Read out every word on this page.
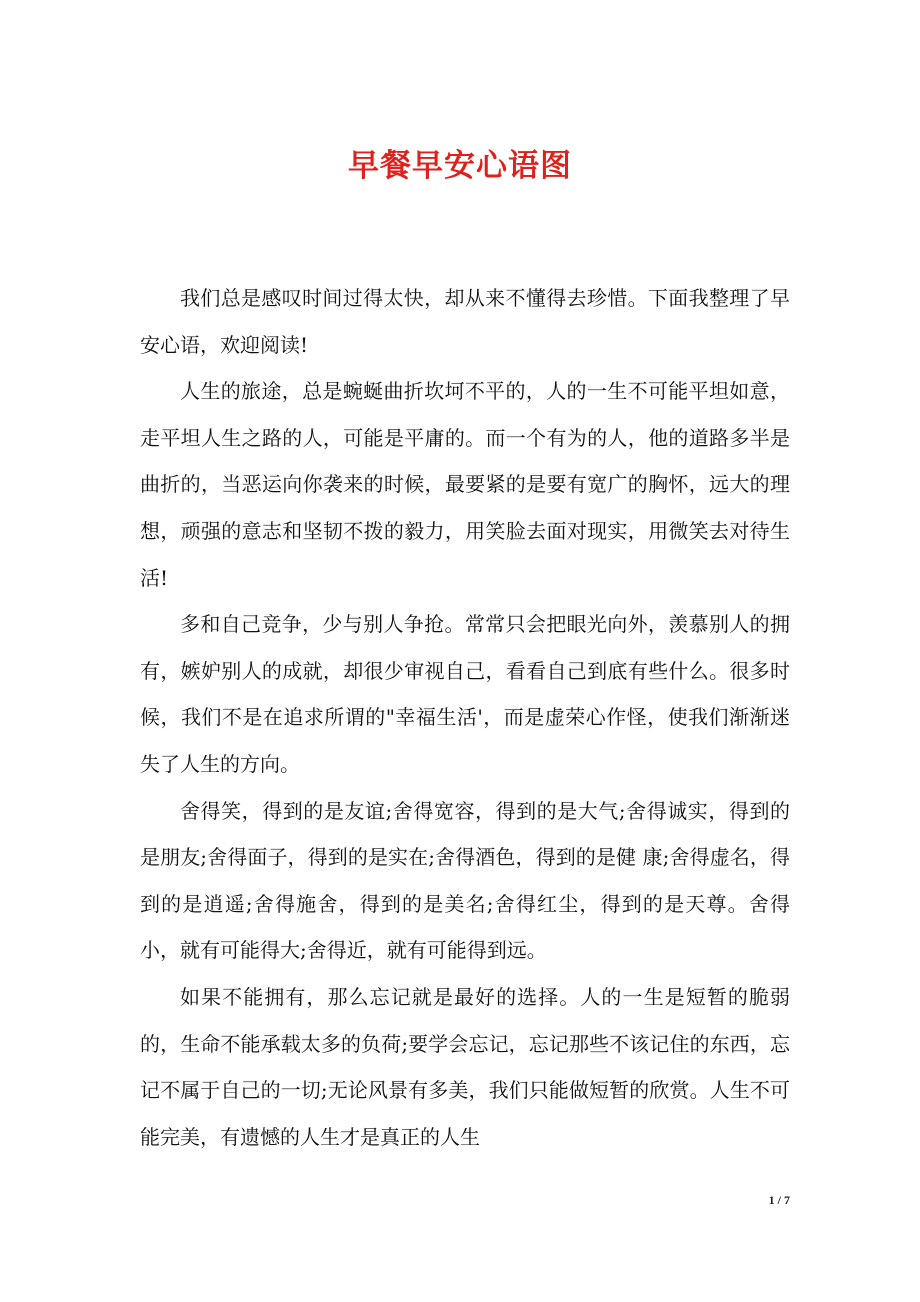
早餐早安心语图

我们总是感叹时间过得太快，却从来不懂得去珍惜。下面我整理了早安心语，欢迎阅读!

人生的旅途，总是蜿蜒曲折坎坷不平的，人的一生不可能平坦如意，走平坦人生之路的人，可能是平庸的。而一个有为的人，他的道路多半是曲折的，当恶运向你袭来的时候，最要紧的是要有宽广的胸怀，远大的理想，顽强的意志和坚韧不拨的毅力，用笑脸去面对现实，用微笑去对待生活!

多和自己竞争，少与别人争抢。常常只会把眼光向外，羡慕别人的拥有，嫉妒别人的成就，却很少审视自己，看看自己到底有些什么。很多时候，我们不是在追求所谓的"幸福生活'，而是虚荣心作怪，使我们渐渐迷失了人生的方向。

舍得笑，得到的是友谊;舍得宽容，得到的是大气;舍得诚实，得到的是朋友;舍得面子，得到的是实在;舍得酒色，得到的是健 康;舍得虚名，得到的是逍遥;舍得施舍，得到的是美名;舍得红尘，得到的是天尊。舍得小，就有可能得大;舍得近，就有可能得到远。

如果不能拥有，那么忘记就是最好的选择。人的一生是短暂的脆弱的，生命不能承载太多的负荷;要学会忘记，忘记那些不该记住的东西，忘记不属于自己的一切;无论风景有多美，我们只能做短暂的欣赏。人生不可能完美，有遗憾的人生才是真正的人生

1 / 7
